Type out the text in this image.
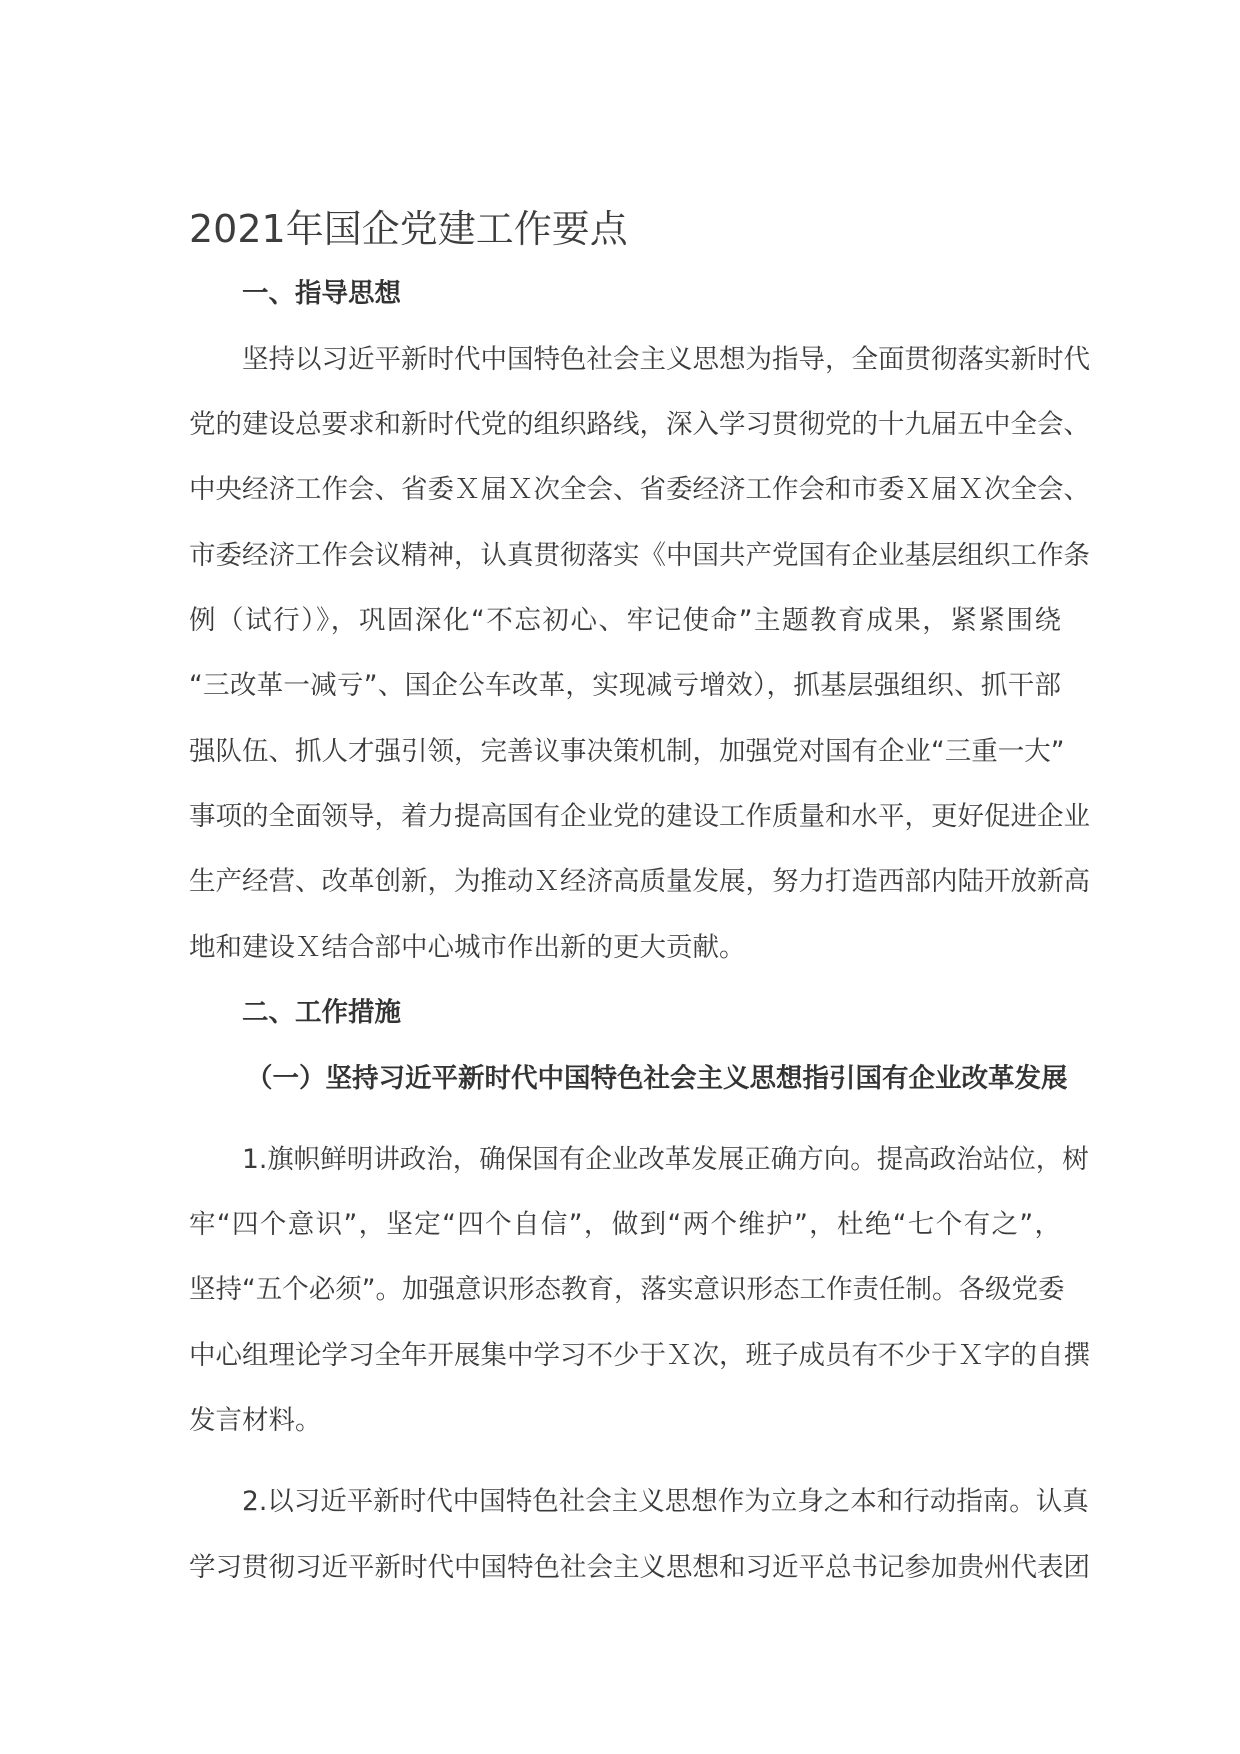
2021年国企党建工作要点
一、指导思想
坚持以习近平新时代中国特色社会主义思想为指导，全面贯彻落实新时代
党的建设总要求和新时代党的组织路线，深入学习贯彻党的十九届五中全会、
中央经济工作会、省委Ｘ届Ｘ次全会、省委经济工作会和市委Ｘ届Ｘ次全会、
市委经济工作会议精神，认真贯彻落实《中国共产党国有企业基层组织工作条
例（试行）》，巩固深化“不忘初心、牢记使命”主题教育成果，紧紧围绕
“三改革一减亏”、国企公车改革，实现减亏增效），抓基层强组织、抓干部
强队伍、抓人才强引领，完善议事决策机制，加强党对国有企业“三重一大”
事项的全面领导，着力提高国有企业党的建设工作质量和水平，更好促进企业
生产经营、改革创新，为推动Ｘ经济高质量发展，努力打造西部内陆开放新高
地和建设Ｘ结合部中心城市作出新的更大贡献。
二、工作措施
（一）坚持习近平新时代中国特色社会主义思想指引国有企业改革发展
1.旗帜鲜明讲政治，确保国有企业改革发展正确方向。提高政治站位，树
牢“四个意识”，坚定“四个自信”，做到“两个维护”，杜绝“七个有之”，
坚持“五个必须”。加强意识形态教育，落实意识形态工作责任制。各级党委
中心组理论学习全年开展集中学习不少于Ｘ次，班子成员有不少于Ｘ字的自撰
发言材料。
2.以习近平新时代中国特色社会主义思想作为立身之本和行动指南。认真
学习贯彻习近平新时代中国特色社会主义思想和习近平总书记参加贵州代表团
